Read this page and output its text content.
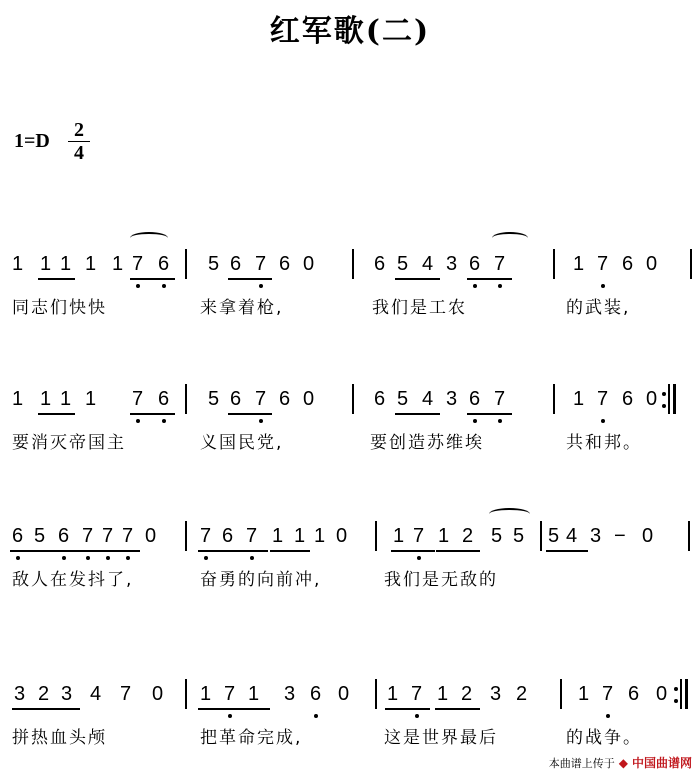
红军歌(二)
1=D	2
4
1 1 1 1 1 7 6 5 6 7 6 0	6 5 4 3 6 7	1 7 6 0
同志们快快	来拿着枪,	我们是工农	的武装,
1 1 1 1 7 6 5 6 7 6 0	6 5 4 3 6 7	1 7 6 0
要消灭帝国主	义国民党,	要创造苏维埃	共和邦。
6 5 6 7 7 7 0 7 6 7 1 1 1 0 1 7 1 2 5 5 5 4 3 − 0
敌人在发抖了,	奋勇的向前冲,	我们是无敌的
3 2 3 4 7 0 1 7 1 3 6 0 1 7 1 2 3 2	1 7 6 0
拼热血头颅	把革命完成,	这是世界最后	的战争。
本曲谱上传于 ◆ 中国曲谱网
